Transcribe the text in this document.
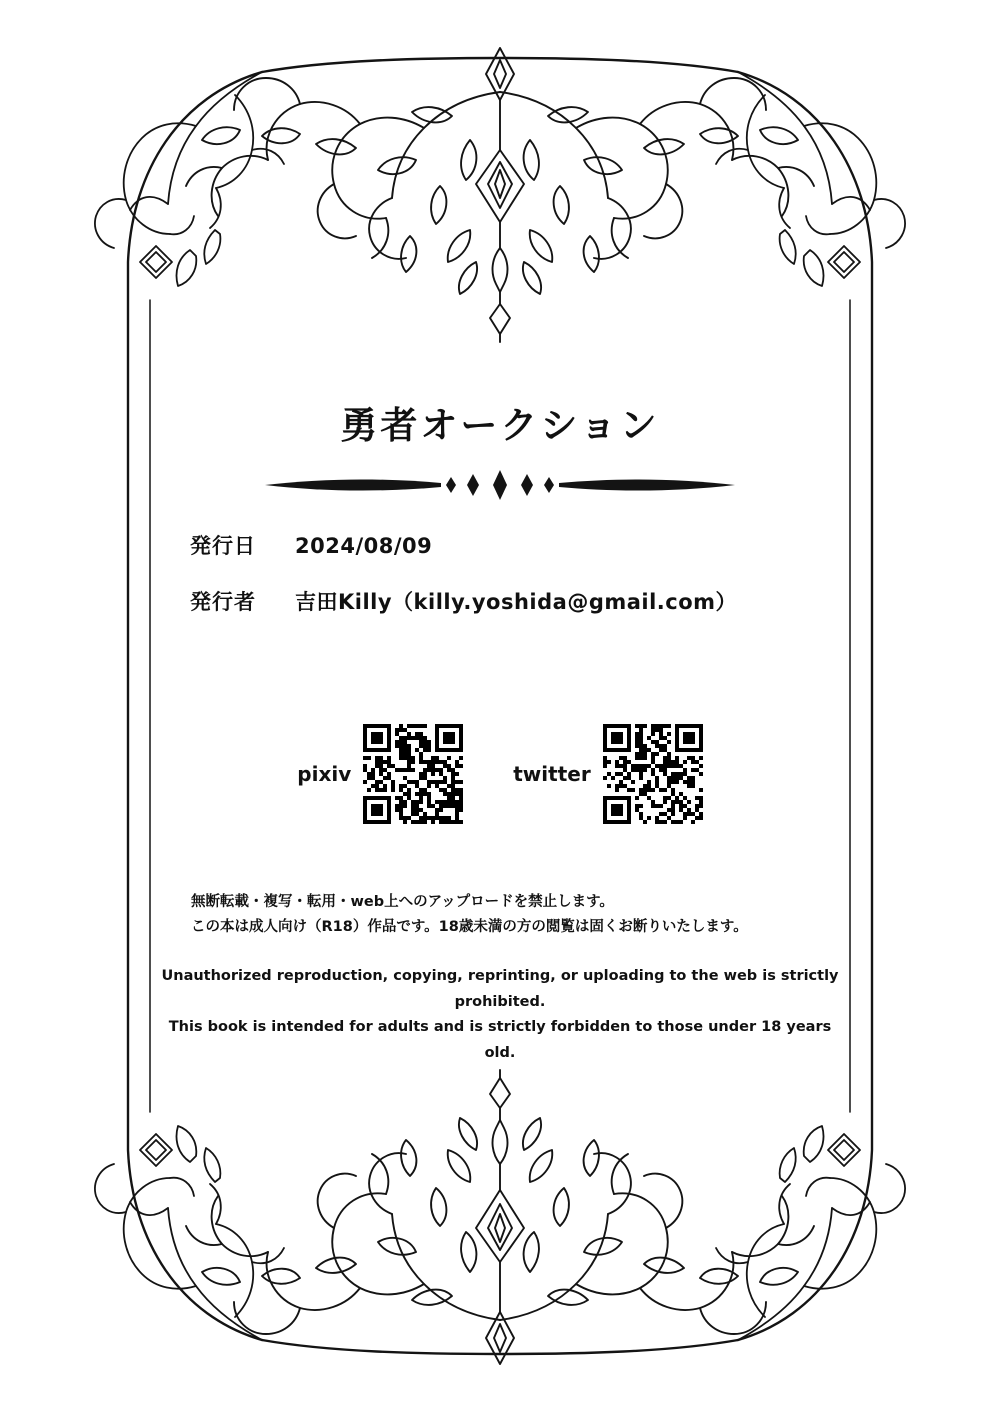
勇者オークション
発行日	2024/08/09
発行者	吉田Killy（killy.yoshida@gmail.com）
pixiv	twitter
無断転載・複写・転用・web上へのアップロードを禁止します。
この本は成人向け（R18）作品です。18歳未満の方の閲覧は固くお断りいたします。
Unauthorized reproduction, copying, reprinting, or uploading to the web is strictly prohibited.
This book is intended for adults and is strictly forbidden to those under 18 years old.
